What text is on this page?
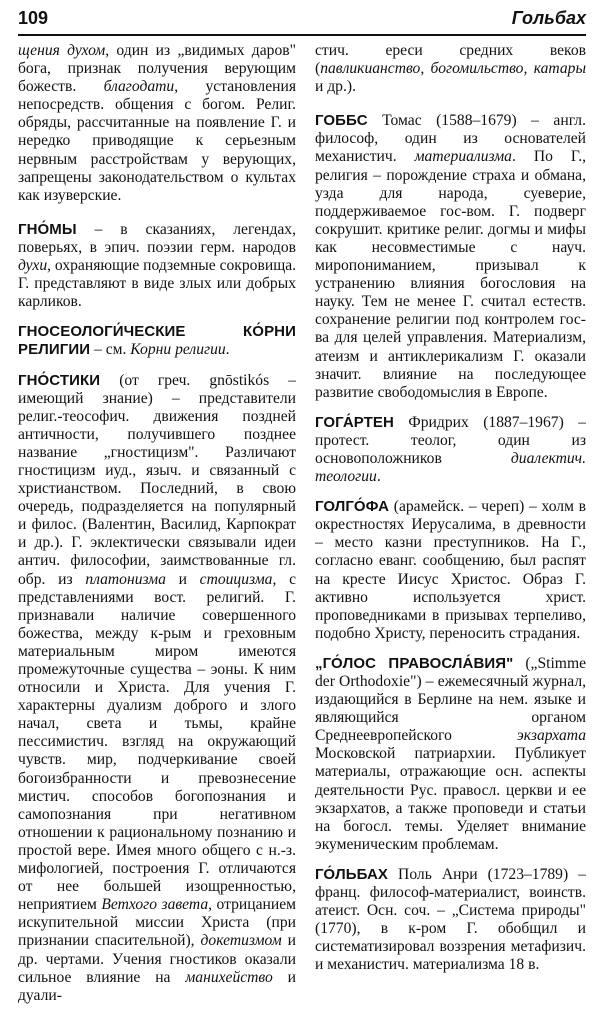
109	Гольбах

щения духом, один из „видимых даров" бога, признак получения верующим божеств. благодати, установления непосредств. общения с богом. Религ. обряды, рассчитанные на появление Г. и нередко приводящие к серьезным нервным расстройствам у верующих, запрещены законодательством о культах как изуверские.

ГНО́МЫ – в сказаниях, легендах, поверьях, в эпич. поэзии герм. народов духи, охраняющие подземные сокровища. Г. представляют в виде злых или добрых карликов.

ГНОСЕОЛОГИ́ЧЕСКИЕ КО́РНИ РЕЛИГИИ – см. Корни религии.

ГНО́СТИКИ (от греч. gnōstikós – имеющий знание) – представители религ.-теософич. движения поздней античности, получившего позднее название „гностицизм". Различают гностицизм иуд., языч. и связанный с христианством. Последний, в свою очередь, подразделяется на популярный и филос. (Валентин, Василид, Карпократ и др.). Г. эклектически связывали идеи антич. философии, заимствованные гл. обр. из платонизма и стоицизма, с представлениями вост. религий. Г. признавали наличие совершенного божества, между к-рым и греховным материальным миром имеются промежуточные существа – эоны. К ним относили и Христа. Для учения Г. характерны дуализм доброго и злого начал, света и тьмы, крайне пессимистич. взгляд на окружающий чувств. мир, подчеркивание своей богоизбранности и превознесение мистич. способов богопознания и самопознания при негативном отношении к рациональному познанию и простой вере. Имея много общего с н.-з. мифологией, построения Г. отличаются от нее большей изощренностью, неприятием Ветхого завета, отрицанием искупительной миссии Христа (при признании спасительной), докетизмом и др. чертами. Учения гностиков оказали сильное влияние на манихейство и дуали-

стич. ереси средних веков (павликианство, богомильство, катары и др.).

ГОББС Томас (1588–1679) – англ. философ, один из основателей механистич. материализма. По Г., религия – порождение страха и обмана, узда для народа, суеверие, поддерживаемое гос-вом. Г. подверг сокрушит. критике религ. догмы и мифы как несовместимые с науч. миропониманием, призывал к устранению влияния богословия на науку. Тем не менее Г. считал естеств. сохранение религии под контролем гос-ва для целей управления. Материализм, атеизм и антиклерикализм Г. оказали значит. влияние на последующее развитие свободомыслия в Европе.

ГОГА́РТЕН Фридрих (1887–1967) – протест. теолог, один из основоположников диалектич. теологии.

ГОЛГО́ФА (арамейск. – череп) – холм в окрестностях Иерусалима, в древности – место казни преступников. На Г., согласно еванг. сообщению, был распят на кресте Иисус Христос. Образ Г. активно используется христ. проповедниками в призывах терпеливо, подобно Христу, переносить страдания.

„ГО́ЛОС ПРАВОСЛА́ВИЯ" („Stimme der Orthodoxie") – ежемесячный журнал, издающийся в Берлине на нем. языке и являющийся органом Среднеевропейского экзархата Московской патриархии. Публикует материалы, отражающие осн. аспекты деятельности Рус. правосл. церкви и ее экзархатов, а также проповеди и статьи на богосл. темы. Уделяет внимание экуменическим проблемам.

ГО́ЛЬБАХ Поль Анри (1723–1789) – франц. философ-материалист, воинств. атеист. Осн. соч. – „Система природы" (1770), в к-ром Г. обобщил и систематизировал воззрения метафизич. и механистич. материализма 18 в.
